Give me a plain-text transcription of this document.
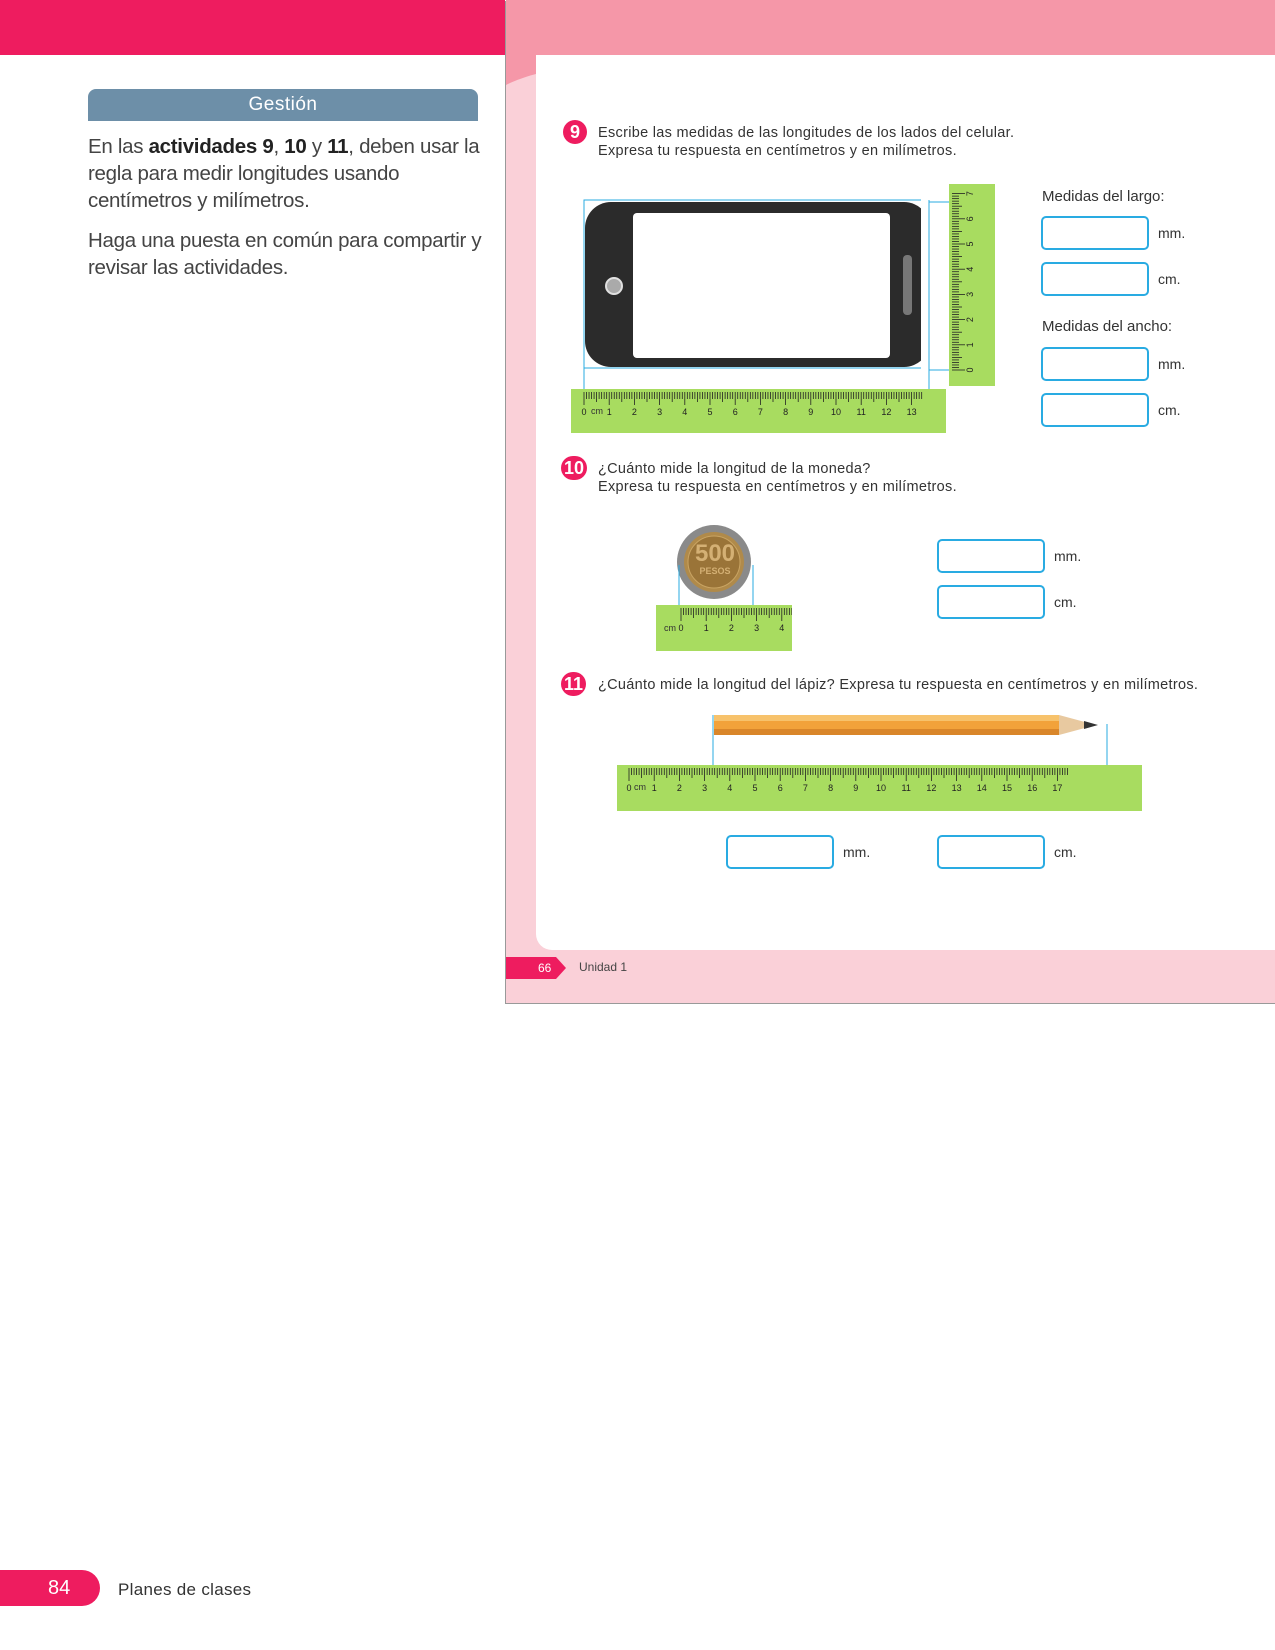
Gestión

En las actividades 9, 10 y 11, deben usar la regla para medir longitudes usando centímetros y milímetros.

Haga una puesta en común para compartir y revisar las actividades.

9	Escribe las medidas de las longitudes de los lados del celular.
Expresa tu respuesta en centímetros y en milímetros.
0 1 2 3 4 5 6 7 8 9 10 11 12 13
cm
0
1
2
3
4
5
6
7	Medidas del largo:
mm.
cm.
Medidas del ancho:
mm.
cm.
10 ¿Cuánto mide la longitud de la moneda?
Expresa tu respuesta en centímetros y en milímetros.
500
PESOS
0 1 2 3 4
cm
mm.
cm.
11 ¿Cuánto mide la longitud del lápiz? Expresa tu respuesta en centímetros y en milímetros.
0 1 2 3 4 5 6 7 8 9 10 11 12 13 14 15 16 17
cm
mm.	cm.
66 Unidad 1
84	Planes de clases
